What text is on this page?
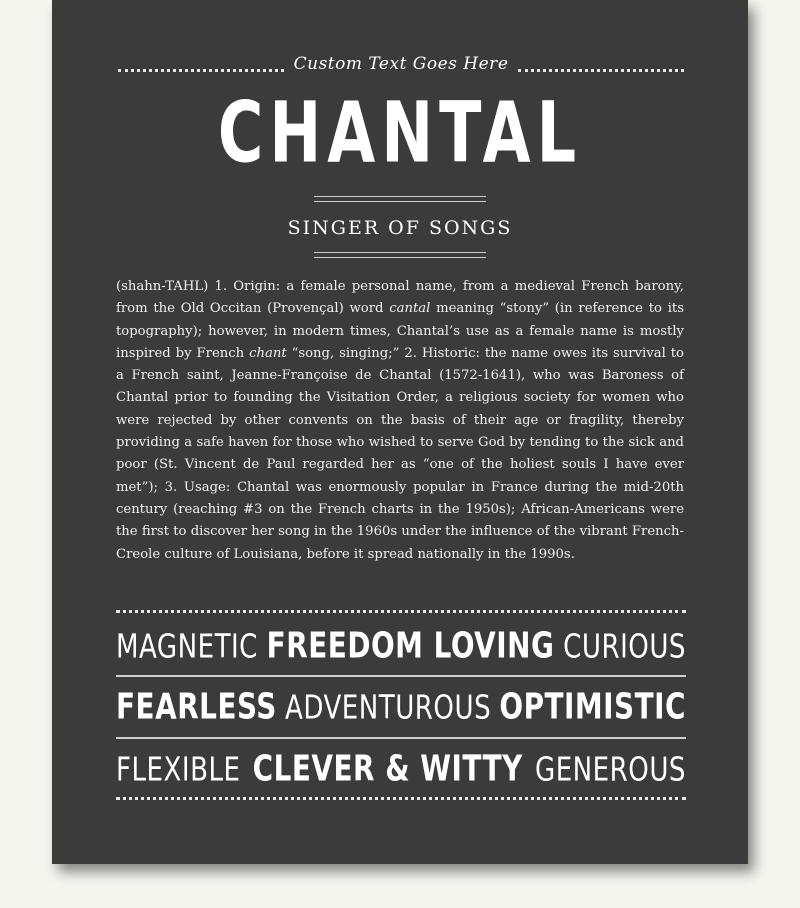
Custom Text Goes Here
CHANTAL
SINGER OF SONGS
(shahn-TAHL) 1. Origin: a female personal name, from a medieval French barony, from the Old Occitan (Provençal) word cantal meaning “stony” (in reference to its topography); however, in modern times, Chantal’s use as a female name is mostly inspired by French chant “song, singing;” 2. Historic: the name owes its survival to a French saint, Jeanne-Françoise de Chantal (1572-1641), who was Baroness of Chantal prior to founding the Visitation Order, a religious society for women who were rejected by other convents on the basis of their age or fragility, thereby providing a safe haven for those who wished to serve God by tending to the sick and poor (St. Vincent de Paul regarded her as “one of the holiest souls I have ever met”); 3. Usage: Chantal was enormously popular in France during the mid-20th century (reaching #3 on the French charts in the 1950s); African-Americans were the first to discover her song in the 1960s under the influence of the vibrant French-Creole culture of Louisiana, before it spread nationally in the 1990s.
MAGNETIC FREEDOM LOVING CURIOUS
FEARLESS ADVENTUROUS OPTIMISTIC
FLEXIBLE CLEVER & WITTY GENEROUS
